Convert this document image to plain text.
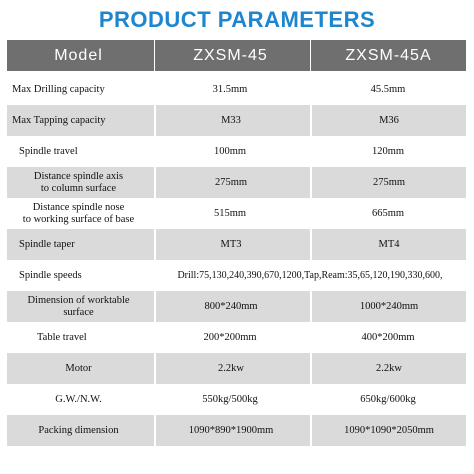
PRODUCT PARAMETERS
Model	ZXSM-45	ZXSM-45A
Max Drilling capacity	31.5mm	45.5mm
Max Tapping capacity	M33	M36
Spindle travel	100mm	120mm
Distance spindle axis
to column surface
275mm	275mm
Distance spindle nose
to working surface of base
515mm	665mm
Spindle taper	MT3	MT4
Spindle speeds	Drill:75,130,240,390,670,1200,Tap,Ream:35,65,120,190,330,600,
Dimension of worktable
surface
800*240mm	1000*240mm
Table travel	200*200mm	400*200mm
Motor	2.2kw	2.2kw
G.W./N.W.	550kg/500kg	650kg/600kg
Packing dimension	1090*890*1900mm	1090*1090*2050mm
